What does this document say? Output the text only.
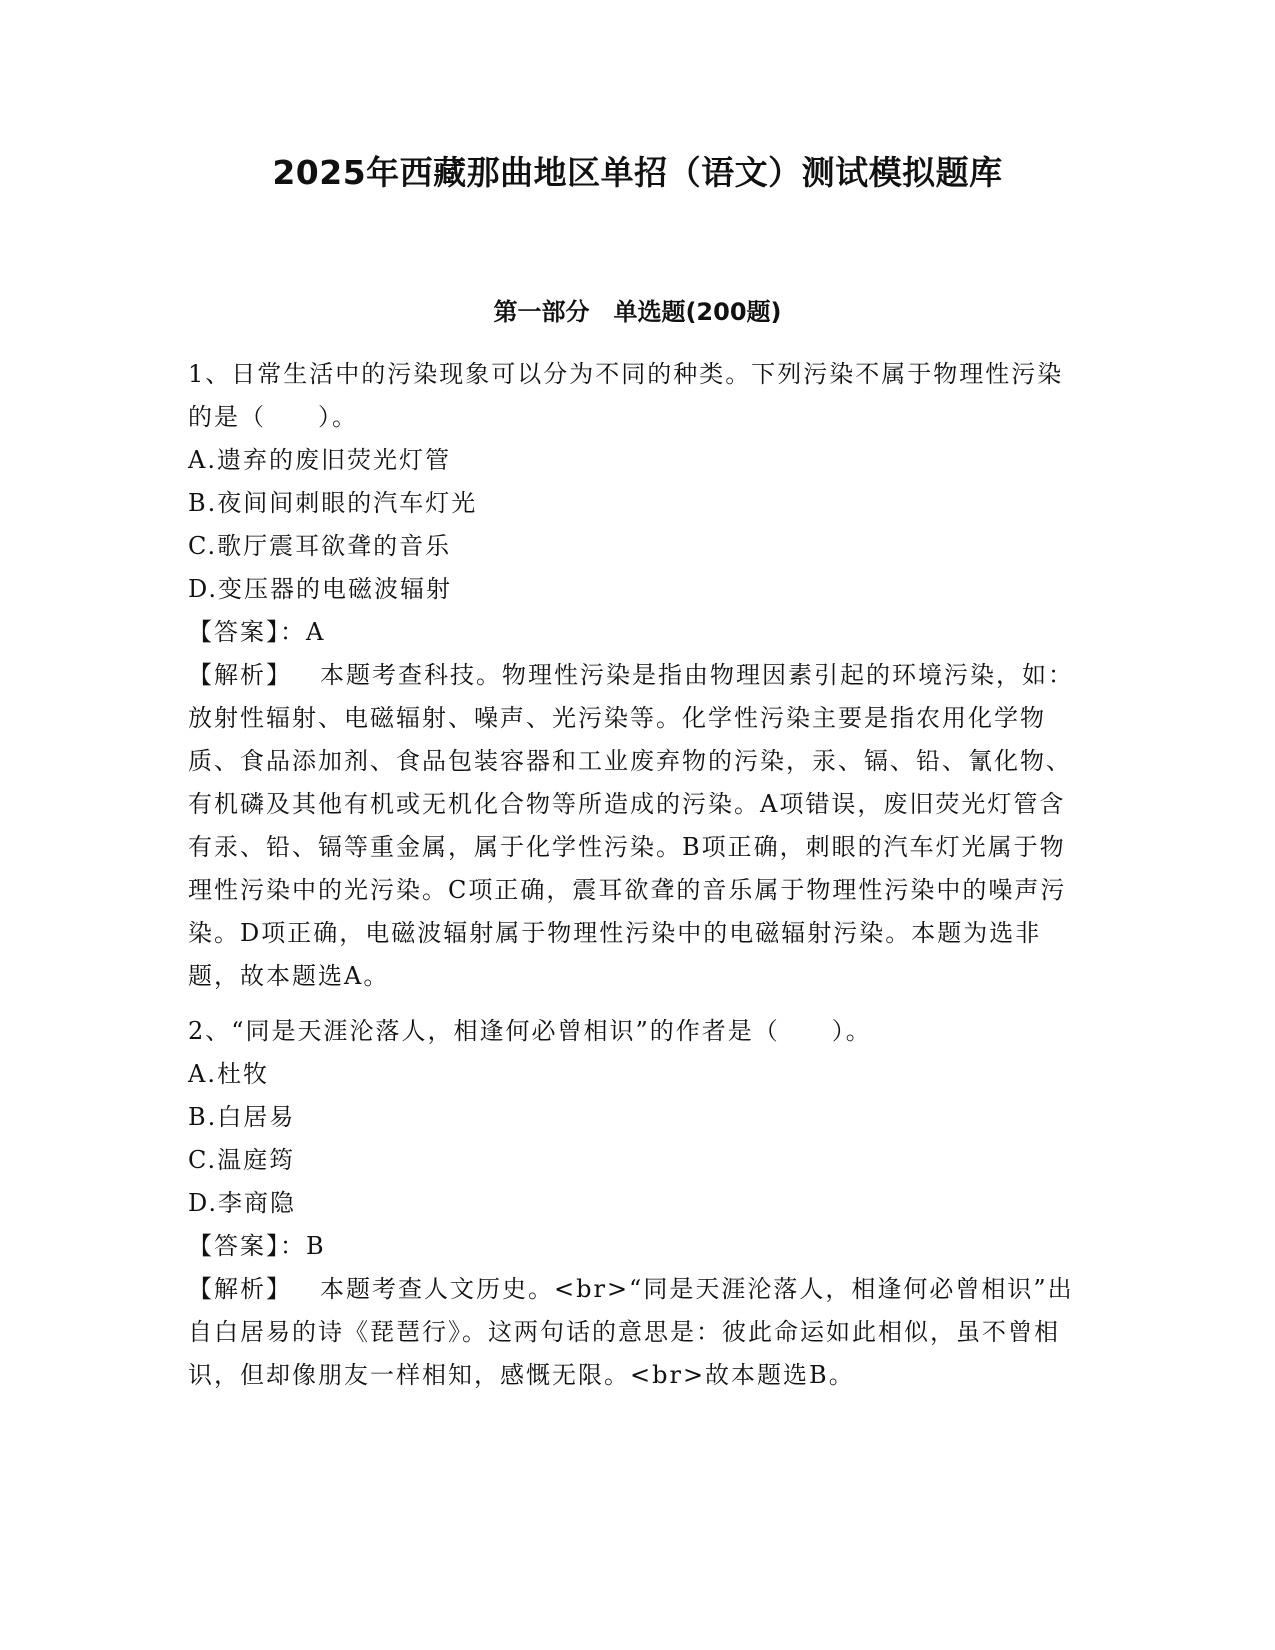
2025年西藏那曲地区单招（语文）测试模拟题库
第一部分　单选题(200题)

1、日常生活中的污染现象可以分为不同的种类。下列污染不属于物理性污染的是（　　）。

A.遗弃的废旧荧光灯管

B.夜间间刺眼的汽车灯光

C.歌厅震耳欲聋的音乐

D.变压器的电磁波辐射

【答案】：A

【解析】 本题考查科技。物理性污染是指由物理因素引起的环境污染，如：放射性辐射、电磁辐射、噪声、光污染等。化学性污染主要是指农用化学物质、食品添加剂、食品包装容器和工业废弃物的污染，汞、镉、铅、氰化物、有机磷及其他有机或无机化合物等所造成的污染。A项错误，废旧荧光灯管含有汞、铅、镉等重金属，属于化学性污染。B项正确，刺眼的汽车灯光属于物理性污染中的光污染。C项正确，震耳欲聋的音乐属于物理性污染中的噪声污染。D项正确，电磁波辐射属于物理性污染中的电磁辐射污染。本题为选非题，故本题选A。

2、“同是天涯沦落人，相逢何必曾相识”的作者是（　　）。

A.杜牧

B.白居易

C.温庭筠

D.李商隐

【答案】：B

【解析】 本题考查人文历史。<br>“同是天涯沦落人，相逢何必曾相识”出自白居易的诗《琵琶行》。这两句话的意思是：彼此命运如此相似，虽不曾相识，但却像朋友一样相知，感慨无限。<br>故本题选B。
